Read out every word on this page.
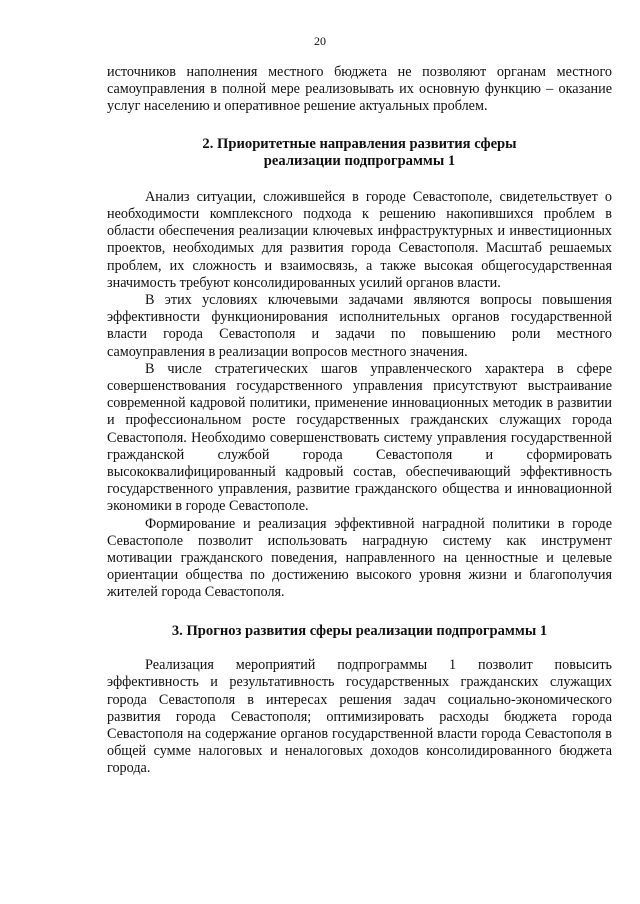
20

источников наполнения местного бюджета не позволяют органам местного самоуправления в полной мере реализовывать их основную функцию – оказание услуг населению и оперативное решение актуальных проблем.

2. Приоритетные направления развития сферы
реализации подпрограммы 1

Анализ ситуации, сложившейся в городе Севастополе, свидетельствует о необходимости комплексного подхода к решению накопившихся проблем в области обеспечения реализации ключевых инфраструктурных и инвестиционных проектов, необходимых для развития города Севастополя. Масштаб решаемых проблем, их сложность и взаимосвязь, а также высокая общегосударственная значимость требуют консолидированных усилий органов власти.

В этих условиях ключевыми задачами являются вопросы повышения эффективности функционирования исполнительных органов государственной власти города Севастополя и задачи по повышению роли местного самоуправления в реализации вопросов местного значения.

В числе стратегических шагов управленческого характера в сфере совершенствования государственного управления присутствуют выстраивание современной кадровой политики, применение инновационных методик в развитии и профессиональном росте государственных гражданских служащих города Севастополя. Необходимо совершенствовать систему управления государственной гражданской службой города Севастополя и сформировать высококвалифицированный кадровый состав, обеспечивающий эффективность государственного управления, развитие гражданского общества и инновационной экономики в городе Севастополе.

Формирование и реализация эффективной наградной политики в городе Севастополе позволит использовать наградную систему как инструмент мотивации гражданского поведения, направленного на ценностные и целевые ориентации общества по достижению высокого уровня жизни и благополучия жителей города Севастополя.

3. Прогноз развития сферы реализации подпрограммы 1

Реализация мероприятий подпрограммы 1 позволит повысить эффективность и результативность государственных гражданских служащих города Севастополя в интересах решения задач социально-экономического развития города Севастополя; оптимизировать расходы бюджета города Севастополя на содержание органов государственной власти города Севастополя в общей сумме налоговых и неналоговых доходов консолидированного бюджета города.
